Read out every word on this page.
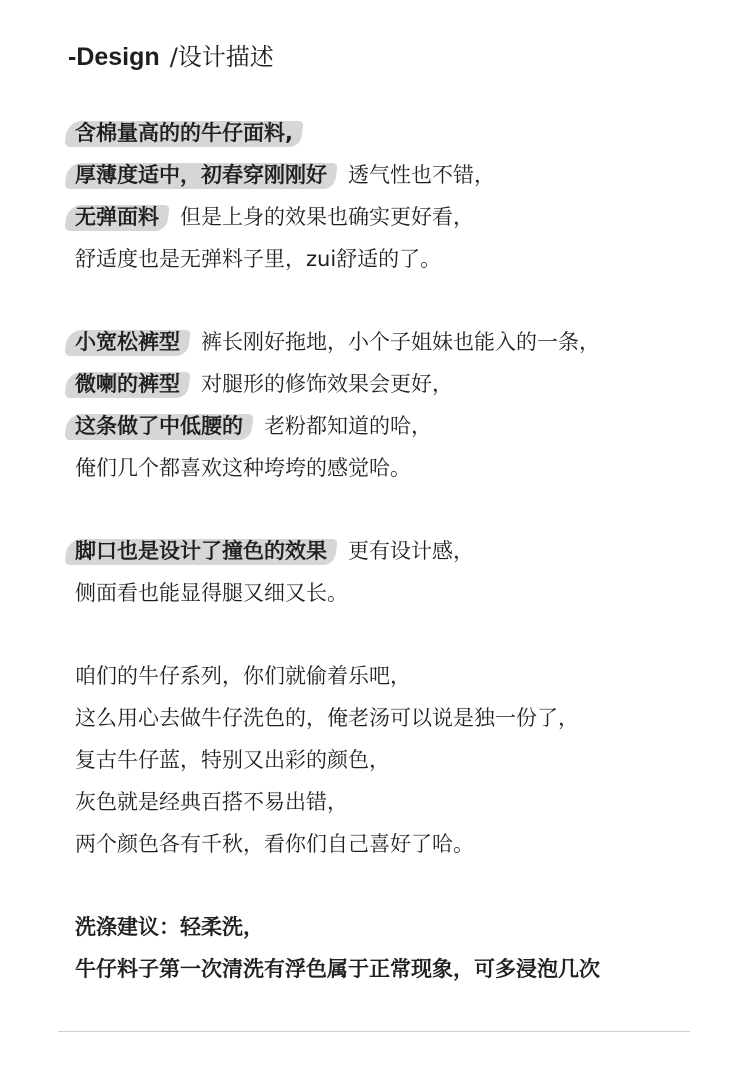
-Design /设计描述
含棉量高的的牛仔面料,
厚薄度适中，初春穿刚刚好，透气性也不错，
无弹面料，但是上身的效果也确实更好看，
舒适度也是无弹料子里，zui舒适的了。
小宽松裤型，裤长刚好拖地，小个子姐妹也能入的一条，
微喇的裤型，对腿形的修饰效果会更好，
这条做了中低腰的，老粉都知道的哈，
俺们几个都喜欢这种垮垮的感觉哈。
脚口也是设计了撞色的效果，更有设计感，
侧面看也能显得腿又细又长。
咱们的牛仔系列，你们就偷着乐吧，
这么用心去做牛仔洗色的，俺老汤可以说是独一份了，
复古牛仔蓝，特别又出彩的颜色，
灰色就是经典百搭不易出错，
两个颜色各有千秋，看你们自己喜好了哈。
洗涤建议：轻柔洗，
牛仔料子第一次清洗有浮色属于正常现象，可多浸泡几次
